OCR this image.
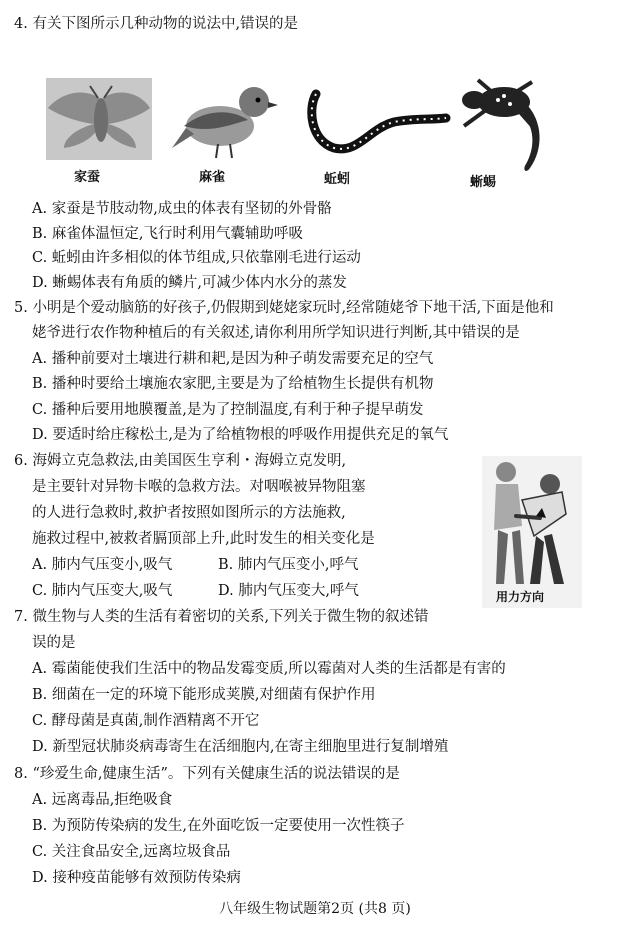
4. 有关下图所示几种动物的说法中,错误的是
家蚕	麻雀	蚯蚓	蜥蜴
A. 家蚕是节肢动物,成虫的体表有坚韧的外骨骼
B. 麻雀体温恒定,飞行时利用气囊辅助呼吸
C. 蚯蚓由许多相似的体节组成,只依靠刚毛进行运动
D. 蜥蜴体表有角质的鳞片,可减少体内水分的蒸发
5. 小明是个爱动脑筋的好孩子,仍假期到姥姥家玩时,经常随姥爷下地干活,下面是他和
姥爷进行农作物种植后的有关叙述,请你利用所学知识进行判断,其中错误的是
A. 播种前要对土壤进行耕和耙,是因为种子萌发需要充足的空气
B. 播种时要给土壤施农家肥,主要是为了给植物生长提供有机物
C. 播种后要用地膜覆盖,是为了控制温度,有利于种子提早萌发
D. 要适时给庄稼松土,是为了给植物根的呼吸作用提供充足的氧气
6. 海姆立克急救法,由美国医生亨利・海姆立克发明,
是主要针对异物卡喉的急救方法。对咽喉被异物阻塞
的人进行急救时,救护者按照如图所示的方法施救,
施救过程中,被救者膈顶部上升,此时发生的相关变化是
A. 肺内气压变小,吸气	B. 肺内气压变小,呼气
C. 肺内气压变大,吸气	D. 肺内气压变大,呼气	用力方向
7. 微生物与人类的生活有着密切的关系,下列关于微生物的叙述错
误的是
A. 霉菌能使我们生活中的物品发霉变质,所以霉菌对人类的生活都是有害的
B. 细菌在一定的环境下能形成荚膜,对细菌有保护作用
C. 酵母菌是真菌,制作酒精离不开它
D. 新型冠状肺炎病毒寄生在活细胞内,在寄主细胞里进行复制增殖
8. “珍爱生命,健康生活”。下列有关健康生活的说法错误的是
A. 远离毒品,拒绝吸食
B. 为预防传染病的发生,在外面吃饭一定要使用一次性筷子
C. 关注食品安全,远离垃圾食品
D. 接种疫苗能够有效预防传染病
八年级生物试题第2页 (共8 页)
